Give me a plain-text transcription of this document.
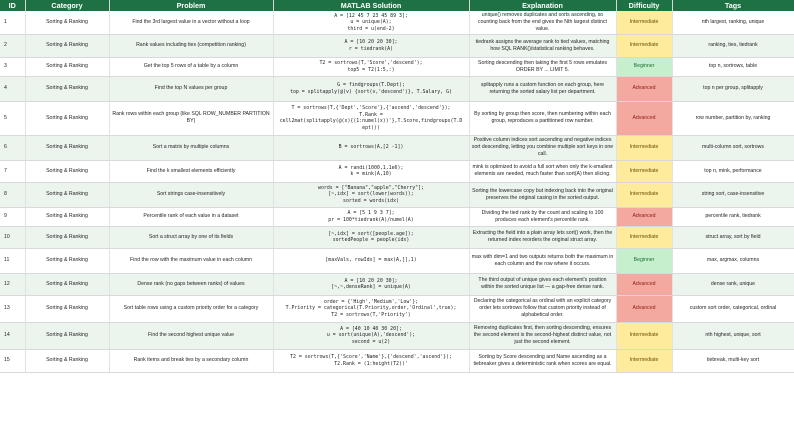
ID	Category	Problem	MATLAB Solution	Explanation	Difficulty	Tags
1	Sorting & Ranking	Find the 3rd largest value in a vector without a loop	A = [12 45 7 23 45 89 3];
u = unique(A);
third = u(end-2)	unique() removes duplicates and sorts ascending, so counting back from the end gives the Nth largest distinct value.	Intermediate	nth largest, ranking, unique
2	Sorting & Ranking	Rank values including ties (competition ranking)	A = [10 20 20 30];
r = tiedrank(A)	tiedrank assigns the average rank to tied values, matching how SQL RANK()/statistical ranking behaves.	Intermediate	ranking, ties, tiedrank
3	Sorting & Ranking	Get the top 5 rows of a table by a column	T2 = sortrows(T,'Score','descend');
top5 = T2(1:5,:)	Sorting descending then taking the first 5 rows emulates ORDER BY ... LIMIT 5.	Beginner	top n, sortrows, table
4	Sorting & Ranking	Find the top N values per group	G = findgroups(T.Dept);
top = splitapply(@(v) {sort(v,'descend')}, T.Salary, G)	splitapply runs a custom function on each group, here returning the sorted salary list per department.	Advanced	top n per group, splitapply
5	Sorting & Ranking	Rank rows within each group (like SQL ROW_NUMBER PARTITION BY)	T = sortrows(T,{'Dept','Score'},{'ascend','descend'});
T.Rank =
cell2mat(splitapply(@(x){(1:numel(x))'},T.Score,findgroups(T.D
ept)))	By sorting by group then score, then numbering within each group, reproduces a partitioned row number.	Advanced	row number, partition by, ranking
6	Sorting & Ranking	Sort a matrix by multiple columns	B = sortrows(A,[2 -1])	Positive column indices sort ascending and negative indices sort descending, letting you combine multiple sort keys in one call.	Intermediate	multi-column sort, sortrows
7	Sorting & Ranking	Find the k smallest elements efficiently	A = randi(1000,1,1e6);
k = mink(A,10)	mink is optimized to avoid a full sort when only the k-smallest elements are needed, much faster than sort(A) then slicing.	Intermediate	top n, mink, performance
8	Sorting & Ranking	Sort strings case-insensitively	words = ["Banana","apple","Cherry"];
[~,idx] = sort(lower(words));
sorted = words(idx)	Sorting the lowercase copy but indexing back into the original preserves the original casing in the sorted output.	Intermediate	string sort, case-insensitive
9	Sorting & Ranking	Percentile rank of each value in a dataset	A = [5 1 9 3 7];
pr = 100*tiedrank(A)/numel(A)	Dividing the tied rank by the count and scaling to 100 produces each element's percentile rank.	Advanced	percentile rank, tiedrank
10	Sorting & Ranking	Sort a struct array by one of its fields	[~,idx] = sort([people.age]);
sortedPeople = people(idx)	Extracting the field into a plain array lets sort() work, then the returned index reorders the original struct array.	Intermediate	struct array, sort by field
11	Sorting & Ranking	Find the row with the maximum value in each column	[maxVals, rowIdx] = max(A,[],1)	max with dim=1 and two outputs returns both the maximum in each column and the row where it occurs.	Beginner	max, argmax, columns
12	Sorting & Ranking	Dense rank (no gaps between ranks) of values	A = [10 20 20 30];
[~,~,denseRank] = unique(A)	The third output of unique gives each element's position within the sorted unique list — a gap-free dense rank.	Advanced	dense rank, unique
13	Sorting & Ranking	Sort table rows using a custom priority order for a category	order = {'High','Medium','Low'};
T.Priority = categorical(T.Priority,order,'Ordinal',true);
T2 = sortrows(T,'Priority')	Declaring the categorical as ordinal with an explicit category order lets sortrows follow that custom priority instead of alphabetical order.	Advanced	custom sort order, categorical, ordinal
14	Sorting & Ranking	Find the second highest unique value	A = [40 10 40 30 20];
u = sort(unique(A),'descend');
second = u(2)	Removing duplicates first, then sorting descending, ensures the second element is the second-highest distinct value, not just the second element.	Intermediate	nth highest, unique, sort
15	Sorting & Ranking	Rank items and break ties by a secondary column	T2 = sortrows(T,{'Score','Name'},{'descend','ascend'});
T2.Rank = (1:height(T2))'	Sorting by Score descending and Name ascending as a tiebreaker gives a deterministic rank when scores are equal.	Intermediate	tiebreak, multi-key sort
